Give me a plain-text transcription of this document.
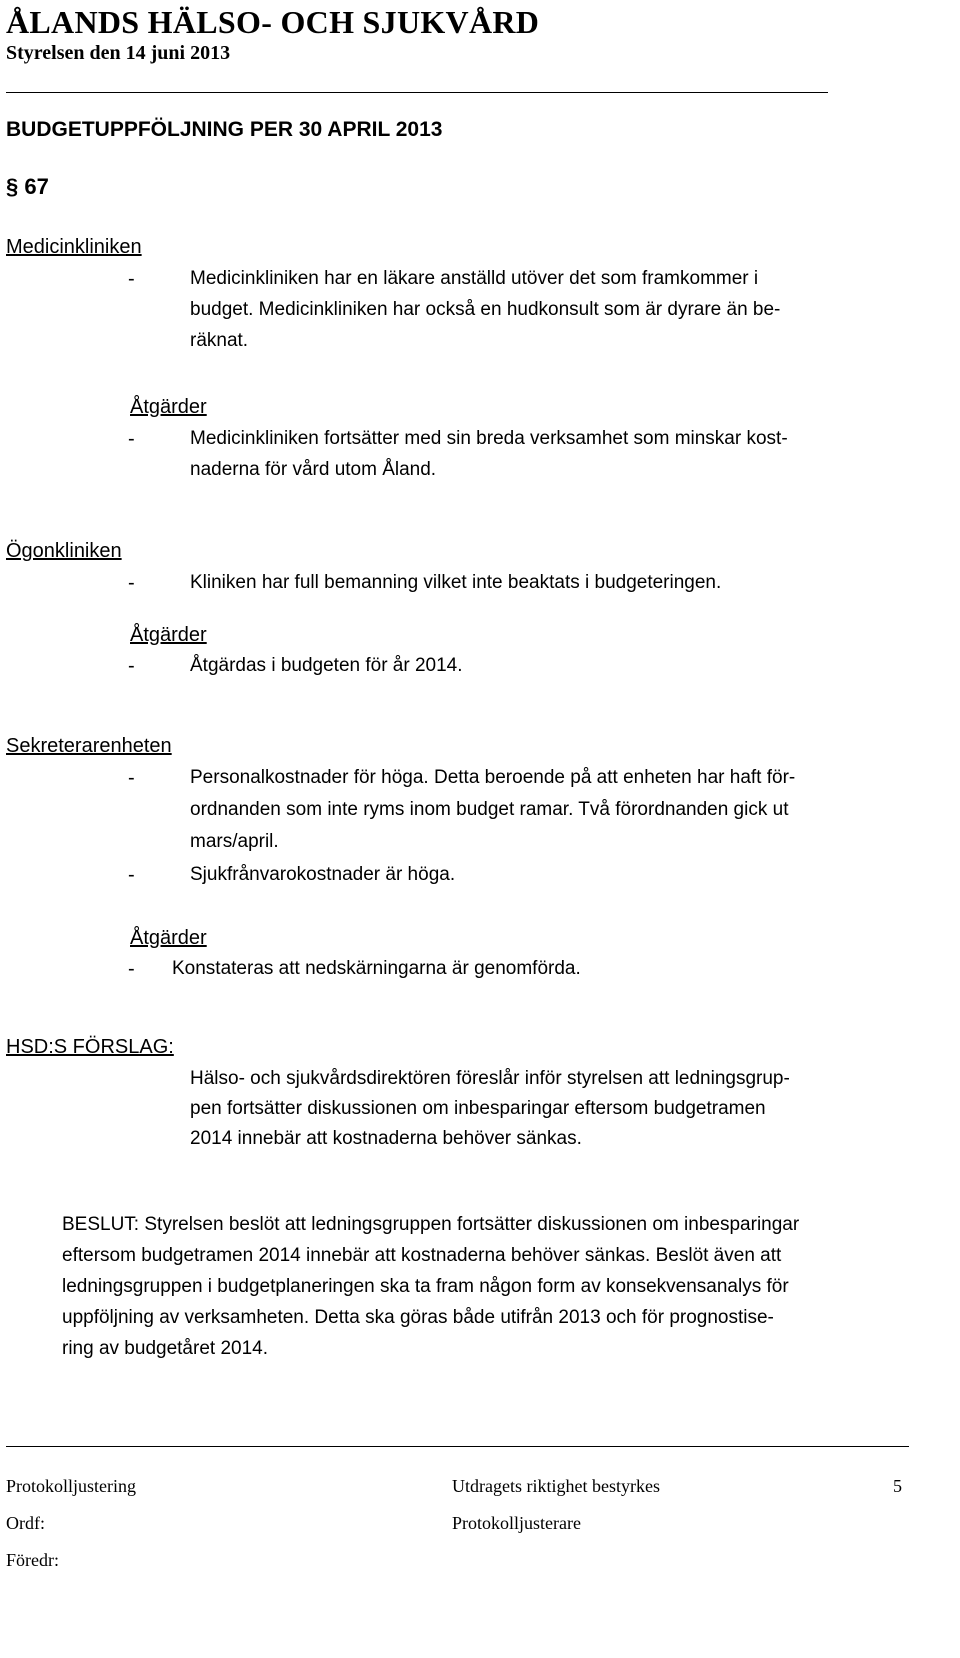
ÅLANDS HÄLSO- OCH SJUKVÅRD
Styrelsen den 14 juni 2013
BUDGETUPPFÖLJNING PER 30 APRIL 2013
§ 67
Medicinkliniken
-	Medicinkliniken har en läkare anställd utöver det som framkommer i
budget. Medicinkliniken har också en hudkonsult som är dyrare än be-
räknat.
Åtgärder
-	Medicinkliniken fortsätter med sin breda verksamhet som minskar kost-
naderna för vård utom Åland.
Ögonkliniken
-	Kliniken har full bemanning vilket inte beaktats i budgeteringen.
Åtgärder
-	Åtgärdas i budgeten för år 2014.
Sekreterarenheten
-	Personalkostnader för höga. Detta beroende på att enheten har haft för-
ordnanden som inte ryms inom budget ramar. Två förordnanden gick ut
mars/april.
-	Sjukfrånvarokostnader är höga.
Åtgärder
- Konstateras att nedskärningarna är genomförda.
HSD:S FÖRSLAG:
Hälso- och sjukvårdsdirektören föreslår inför styrelsen att ledningsgrup-
pen fortsätter diskussionen om inbesparingar eftersom budgetramen
2014 innebär att kostnaderna behöver sänkas.
BESLUT: Styrelsen beslöt att ledningsgruppen fortsätter diskussionen om inbesparingar
eftersom budgetramen 2014 innebär att kostnaderna behöver sänkas. Beslöt även att
ledningsgruppen i budgetplaneringen ska ta fram någon form av konsekvensanalys för
uppföljning av verksamheten. Detta ska göras både utifrån 2013 och för prognostise-
ring av budgetåret 2014.
Protokolljustering	Utdragets riktighet bestyrkes	5
Ordf:	Protokolljusterare
Föredr:
